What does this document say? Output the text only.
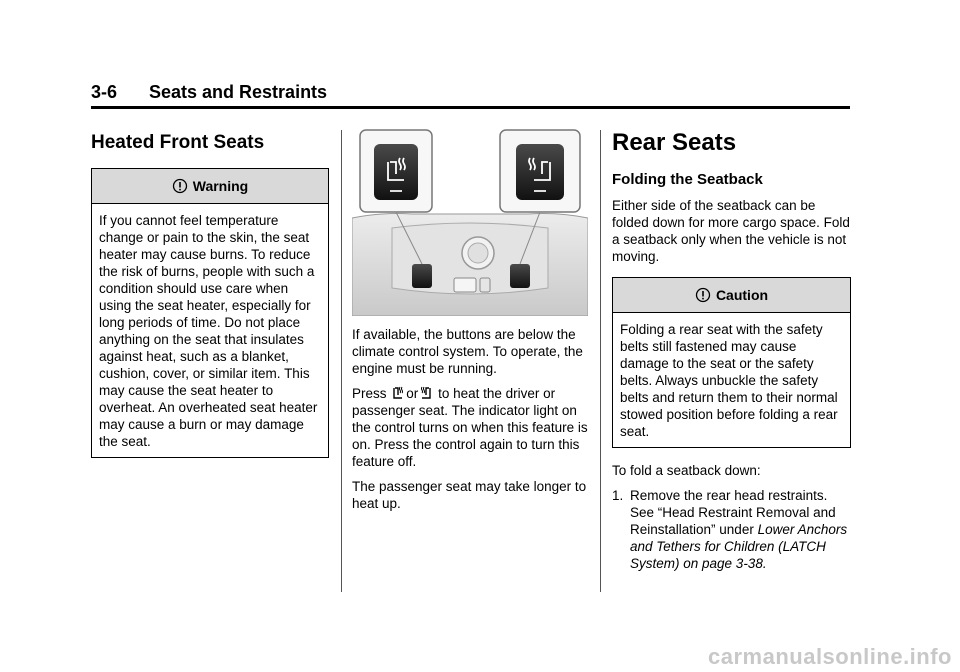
3-6 Seats and Restraints
Heated Front Seats
Warning

If you cannot feel temperature change or pain to the skin, the seat heater may cause burns. To reduce the risk of burns, people with such a condition should use care when using the seat heater, especially for long periods of time. Do not place anything on the seat that insulates against heat, such as a blanket, cushion, cover, or similar item. This may cause the seat heater to overheat. An overheated seat heater may cause a burn or may damage the seat.

If available, the buttons are below the climate control system. To operate, the engine must be running.

Press or to heat the driver or passenger seat. The indicator light on the control turns on when this feature is on. Press the control again to turn this feature off.

The passenger seat may take longer to heat up.

Rear Seats
Folding the Seatback

Either side of the seatback can be folded down for more cargo space. Fold a seatback only when the vehicle is not moving.

Caution

Folding a rear seat with the safety belts still fastened may cause damage to the seat or the safety belts. Always unbuckle the safety belts and return them to their normal stowed position before folding a rear seat.

To fold a seatback down:

1. Remove the rear head restraints. See “Head Restraint Removal and Reinstallation” under Lower Anchors and Tethers for Children (LATCH System) on page 3-38.
carmanualsonline.info
